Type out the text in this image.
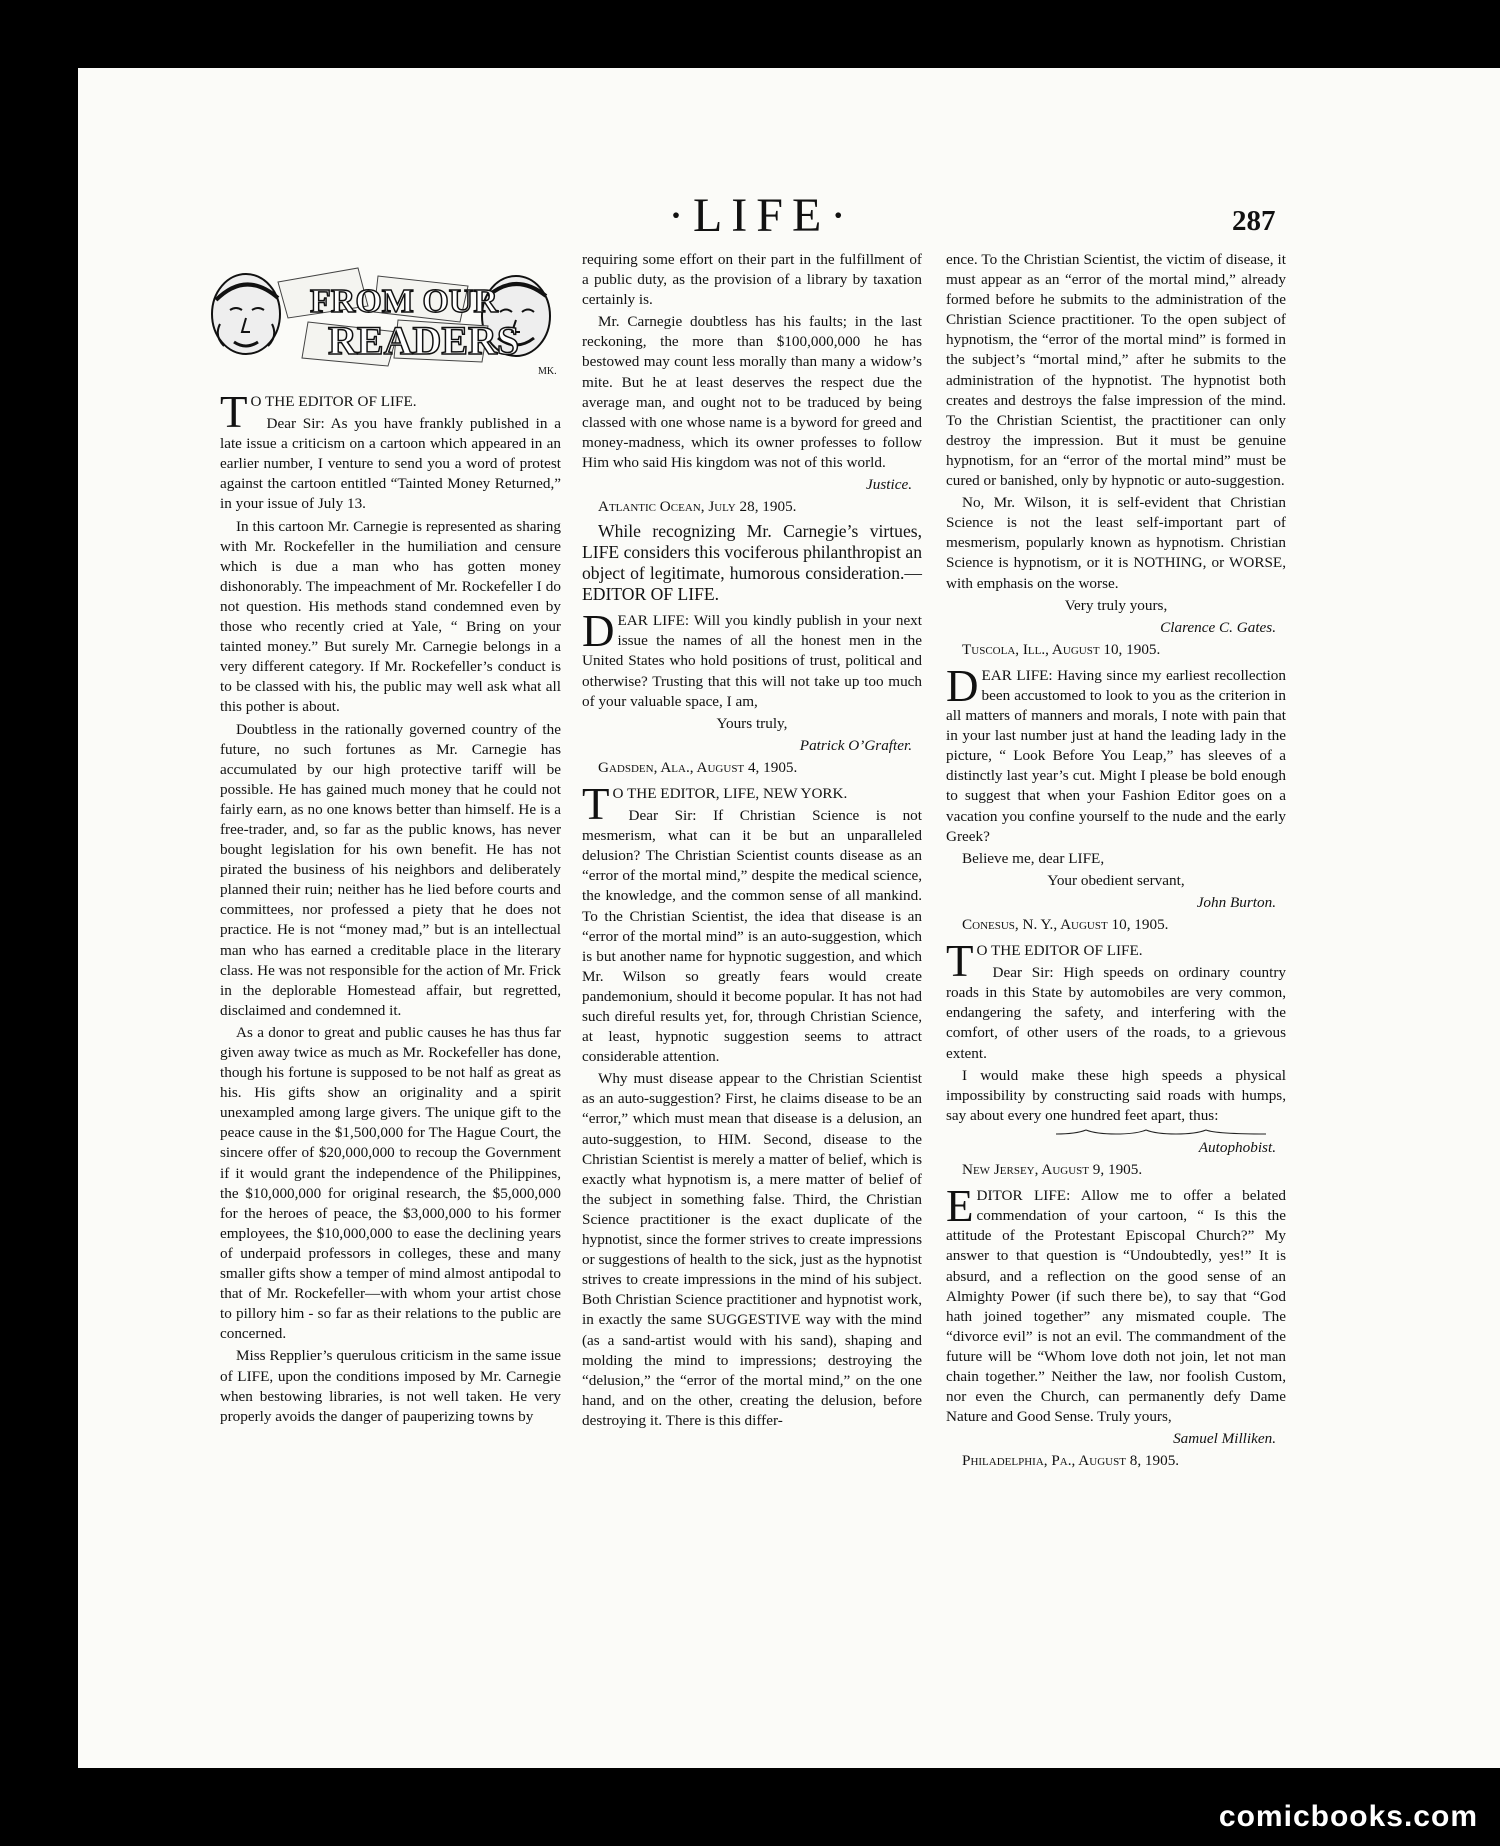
·LIFE·	287
FROM OUR
READERS
MK.

TO THE EDITOR OF LIFE.

Dear Sir: As you have frankly published in a late issue a criticism on a cartoon which appeared in an earlier number, I venture to send you a word of protest against the cartoon entitled “Tainted Money Returned,” in your issue of July 13.

In this cartoon Mr. Carnegie is represented as sharing with Mr. Rockefeller in the humiliation and censure which is due a man who has gotten money dishonorably. The impeachment of Mr. Rockefeller I do not question. His methods stand condemned even by those who recently cried at Yale, “ Bring on your tainted money.” But surely Mr. Carnegie belongs in a very different category. If Mr. Rockefeller’s conduct is to be classed with his, the public may well ask what all this pother is about.

Doubtless in the rationally governed country of the future, no such fortunes as Mr. Carnegie has accumulated by our high protective tariff will be possible. He has gained much money that he could not fairly earn, as no one knows better than himself. He is a free-trader, and, so far as the public knows, has never bought legislation for his own benefit. He has not pirated the business of his neighbors and deliberately planned their ruin; neither has he lied before courts and committees, nor professed a piety that he does not practice. He is not “money mad,” but is an intellectual man who has earned a creditable place in the literary class. He was not responsible for the action of Mr. Frick in the deplorable Homestead affair, but regretted, disclaimed and condemned it.

As a donor to great and public causes he has thus far given away twice as much as Mr. Rockefeller has done, though his fortune is supposed to be not half as great as his. His gifts show an originality and a spirit unexampled among large givers. The unique gift to the peace cause in the $1,500,000 for The Hague Court, the sincere offer of $20,000,000 to recoup the Government if it would grant the independence of the Philippines, the $10,000,000 for original research, the $5,000,000 for the heroes of peace, the $3,000,000 to his former employees, the $10,000,000 to ease the declining years of underpaid professors in colleges, these and many smaller gifts show a temper of mind almost antipodal to that of Mr. Rockefeller—with whom your artist chose to pillory him - so far as their relations to the public are concerned.

Miss Repplier’s querulous criticism in the same issue of LIFE, upon the conditions imposed by Mr. Carnegie when bestowing libraries, is not well taken. He very properly avoids the danger of pauperizing towns by

requiring some effort on their part in the fulfillment of a public duty, as the provision of a library by taxation certainly is.

Mr. Carnegie doubtless has his faults; in the last reckoning, the more than $100,000,000 he has bestowed may count less morally than many a widow’s mite. But he at least deserves the respect due the average man, and ought not to be traduced by being classed with one whose name is a byword for greed and money-madness, which its owner professes to follow Him who said His kingdom was not of this world.

Justice.

Atlantic Ocean, July 28, 1905.

While recognizing Mr. Carnegie’s virtues, LIFE considers this vociferous philanthropist an object of legitimate, humorous consideration.—EDITOR OF LIFE.

DEAR LIFE: Will you kindly publish in your next issue the names of all the honest men in the United States who hold positions of trust, political and otherwise? Trusting that this will not take up too much of your valuable space, I am,

Yours truly,

Patrick O’Grafter.

Gadsden, Ala., August 4, 1905.

TO THE EDITOR, LIFE, NEW YORK.

Dear Sir: If Christian Science is not mesmerism, what can it be but an unparalleled delusion? The Christian Scientist counts disease as an “error of the mortal mind,” despite the medical science, the knowledge, and the common sense of all mankind. To the Christian Scientist, the idea that disease is an “error of the mortal mind” is an auto-suggestion, which is but another name for hypnotic suggestion, and which Mr. Wilson so greatly fears would create pandemonium, should it become popular. It has not had such direful results yet, for, through Christian Science, at least, hypnotic suggestion seems to attract considerable attention.

Why must disease appear to the Christian Scientist as an auto-suggestion? First, he claims disease to be an “error,” which must mean that disease is a delusion, an auto-suggestion, to HIM. Second, disease to the Christian Scientist is merely a matter of belief, which is exactly what hypnotism is, a mere matter of belief of the subject in something false. Third, the Christian Science practitioner is the exact duplicate of the hypnotist, since the former strives to create impressions or suggestions of health to the sick, just as the hypnotist strives to create impressions in the mind of his subject. Both Christian Science practitioner and hypnotist work, in exactly the same SUGGESTIVE way with the mind (as a sand-artist would with his sand), shaping and molding the mind to impressions; destroying the “delusion,” the “error of the mortal mind,” on the one hand, and on the other, creating the delusion, before destroying it. There is this differ-

ence. To the Christian Scientist, the victim of disease, it must appear as an “error of the mortal mind,” already formed before he submits to the administration of the Christian Science practitioner. To the open subject of hypnotism, the “error of the mortal mind” is formed in the subject’s “mortal mind,” after he submits to the administration of the hypnotist. The hypnotist both creates and destroys the false impression of the mind. To the Christian Scientist, the practitioner can only destroy the impression. But it must be genuine hypnotism, for an “error of the mortal mind” must be cured or banished, only by hypnotic or auto-suggestion.

No, Mr. Wilson, it is self-evident that Christian Science is not the least self-important part of mesmerism, popularly known as hypnotism. Christian Science is hypnotism, or it is NOTHING, or WORSE, with emphasis on the worse.

Very truly yours,

Clarence C. Gates.

Tuscola, Ill., August 10, 1905.

DEAR LIFE: Having since my earliest recollection been accustomed to look to you as the criterion in all matters of manners and morals, I note with pain that in your last number just at hand the leading lady in the picture, “ Look Before You Leap,” has sleeves of a distinctly last year’s cut. Might I please be bold enough to suggest that when your Fashion Editor goes on a vacation you confine yourself to the nude and the early Greek?

Believe me, dear LIFE,

Your obedient servant,

John Burton.

Conesus, N. Y., August 10, 1905.

TO THE EDITOR OF LIFE.

Dear Sir: High speeds on ordinary country roads in this State by automobiles are very common, endangering the safety, and interfering with the comfort, of other users of the roads, to a grievous extent.

I would make these high speeds a physical impossibility by constructing said roads with humps, say about every one hundred feet apart, thus:

Autophobist.

New Jersey, August 9, 1905.

EDITOR LIFE: Allow me to offer a belated commendation of your cartoon, “ Is this the attitude of the Protestant Episcopal Church?” My answer to that question is “Undoubtedly, yes!” It is absurd, and a reflection on the good sense of an Almighty Power (if such there be), to say that “God hath joined together” any mismated couple. The “divorce evil” is not an evil. The commandment of the future will be “Whom love doth not join, let not man chain together.” Neither the law, nor foolish Custom, nor even the Church, can permanently defy Dame Nature and Good Sense. Truly yours,

Samuel Milliken.

Philadelphia, Pa., August 8, 1905.

comicbooks.com
